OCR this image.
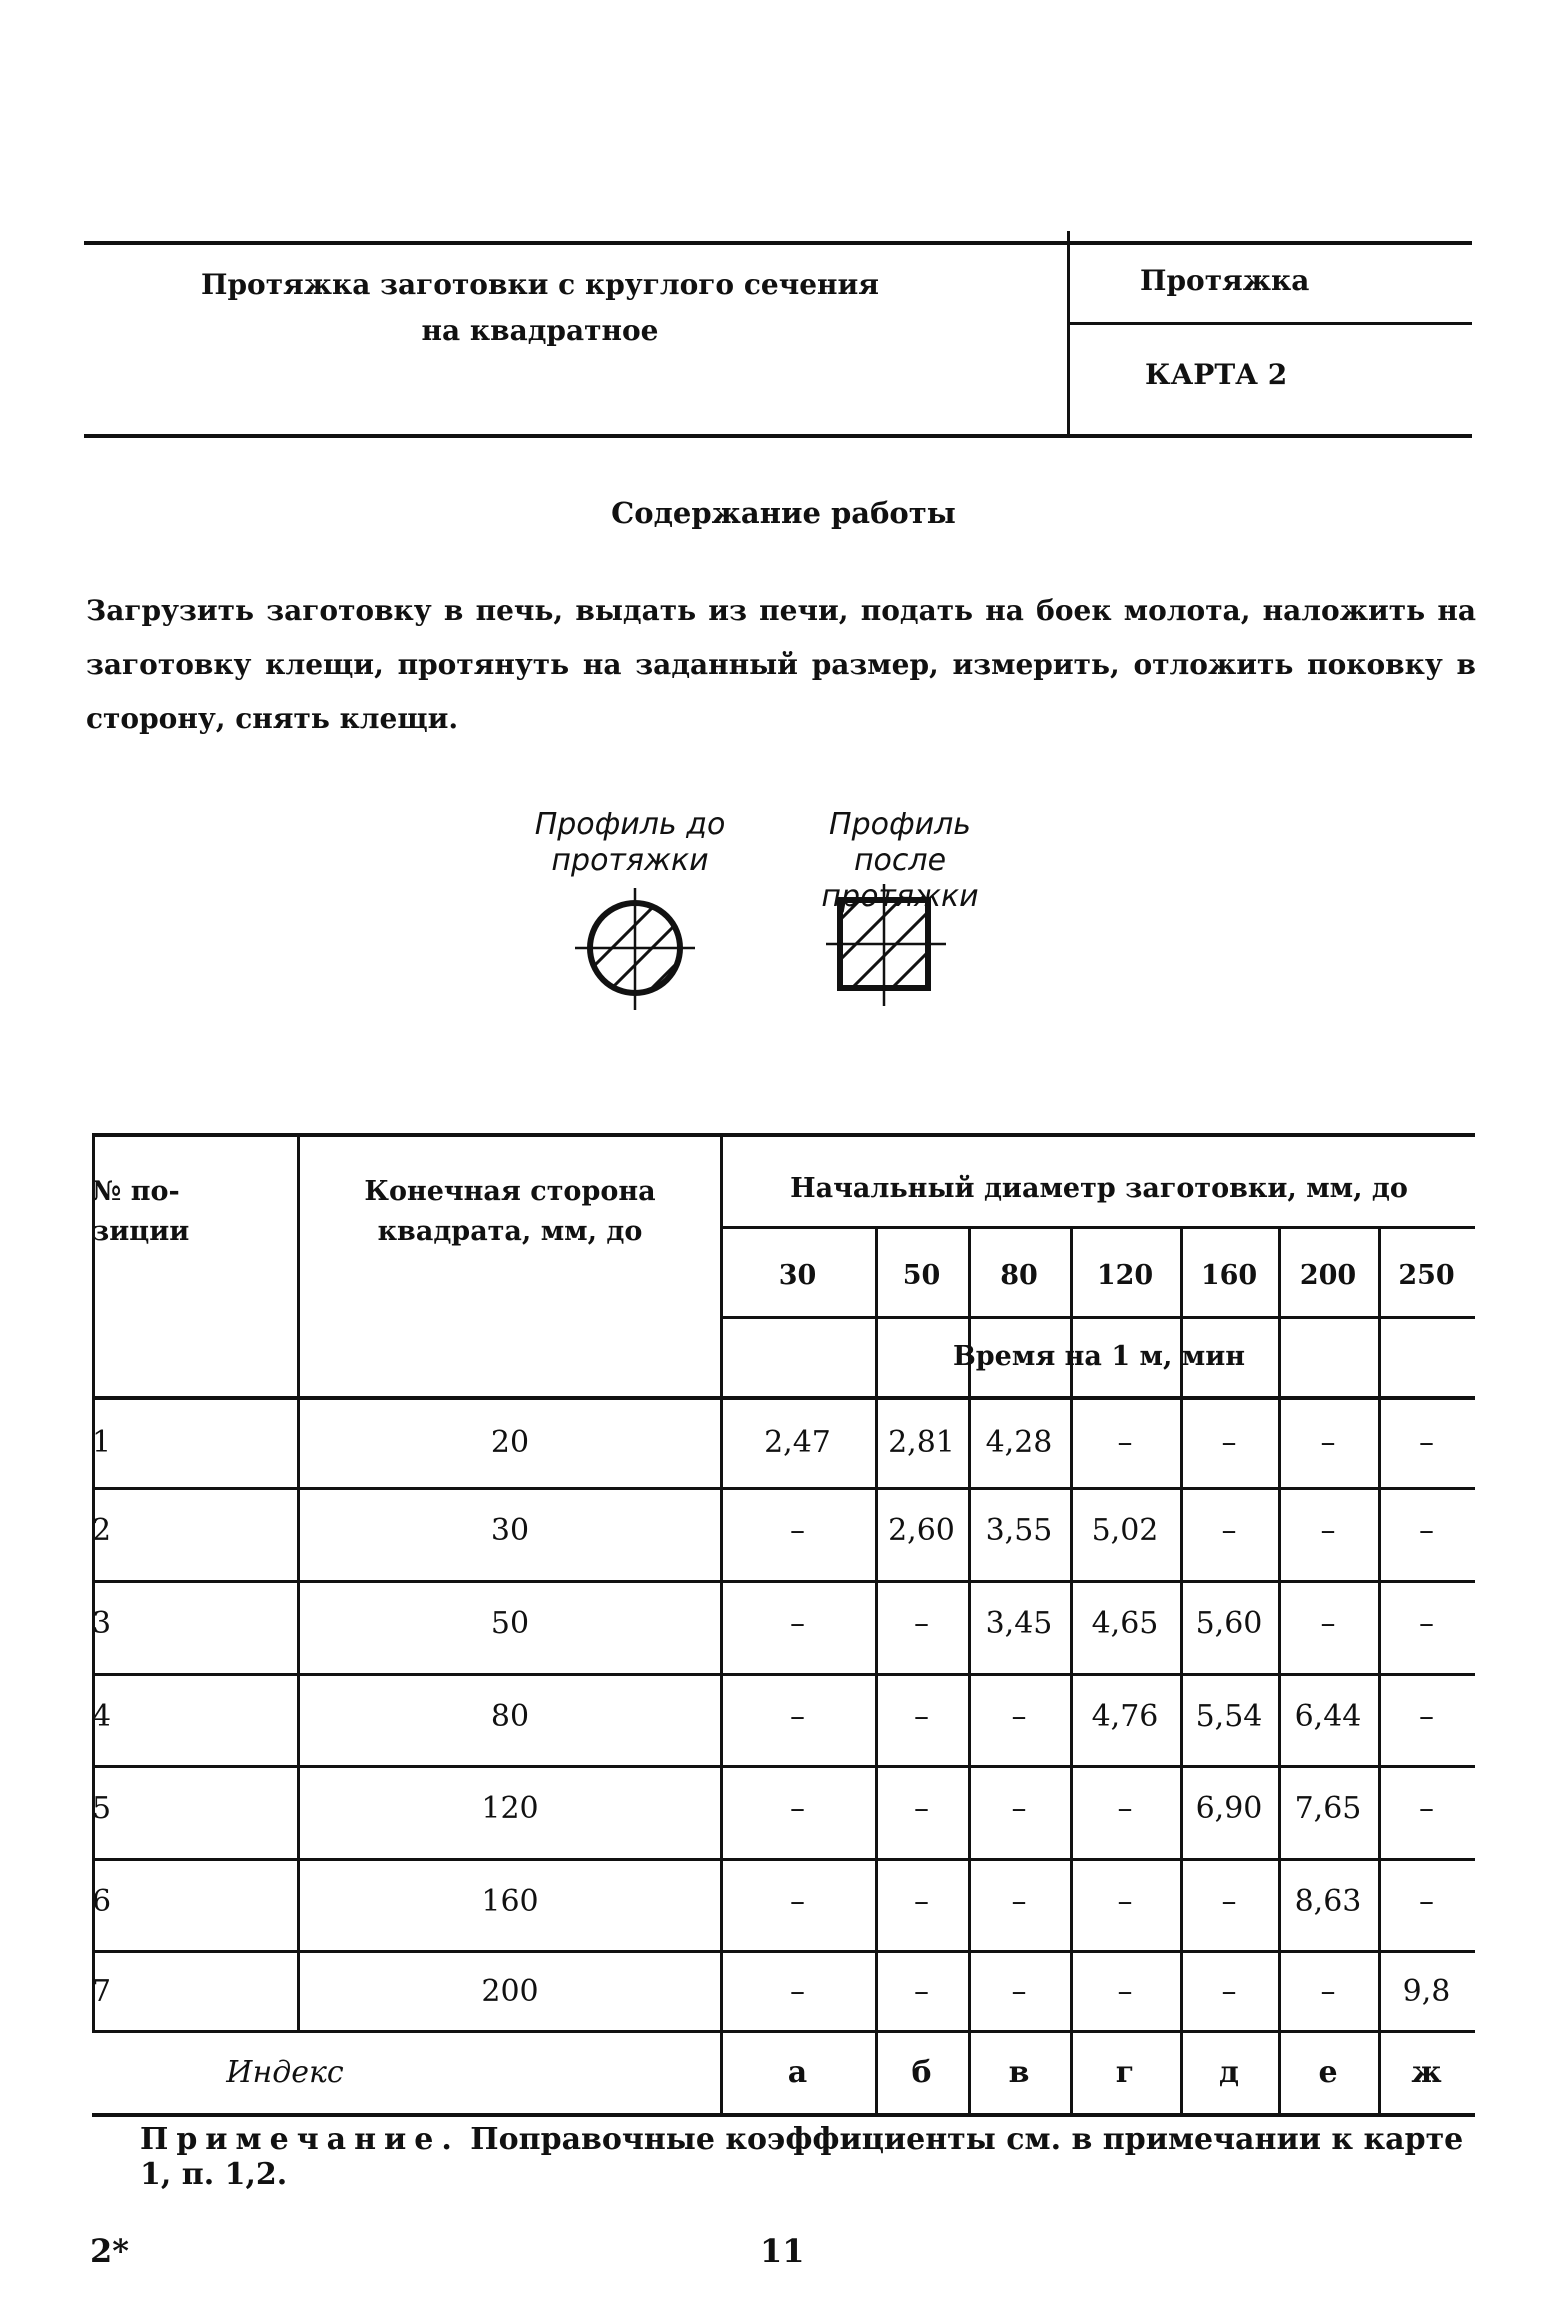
Протяжка заготовки с круглого сечения
на квадратное
Протяжка
КАРТА 2
Содержание работы
Загрузить заготовку в печь, выдать из печи, подать на боек молота, наложить на заготовку клещи, протянуть на заданный размер, измерить, отложить поковку в сторону, снять клещи.
Профиль до
протяжки
Профиль после
протяжки
№ по-
зиции
Конечная сторона
квадрата, мм, до
Начальный диаметр заготовки, мм, до
30	50	80	120	160	200	250
Время на 1 м, мин
1	20	2,47	2,81	4,28	–	–	–	–
2	30	–	2,60	3,55	5,02	–	–	–
3	50	–	–	3,45	4,65	5,60	–	–
4	80	–	–	–	4,76	5,54	6,44	–
5	120	–	–	–	–	6,90	7,65	–
6	160	–	–	–	–	–	8,63	–
7	200	–	–	–	–	–	–	9,8
Индекс	а	б	в	г	д	е	ж
Примечание. Поправочные коэффициенты см. в примечании к карте 1, п. 1,2.
2*	11
